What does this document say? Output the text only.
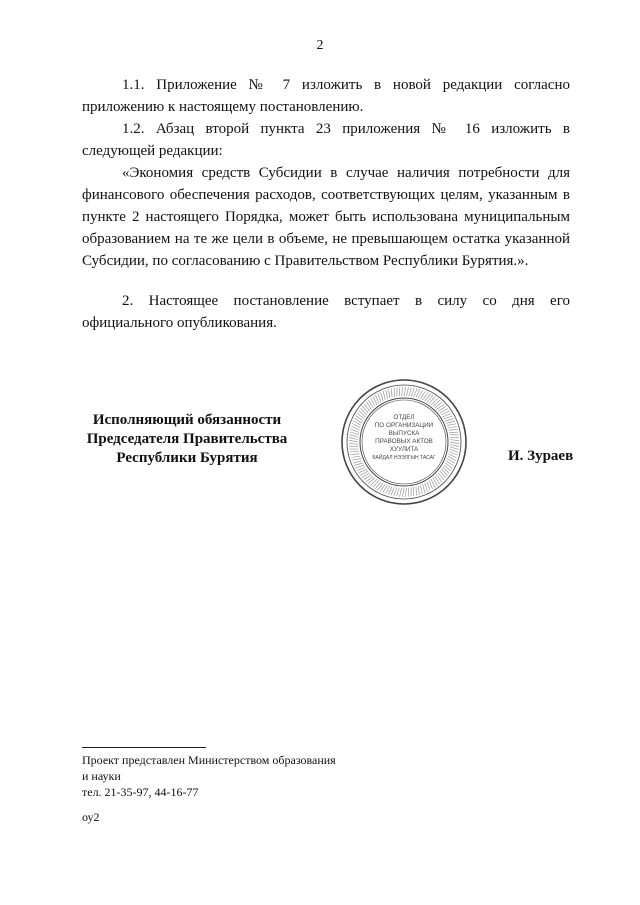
2

1.1. Приложение № 7 изложить в новой редакции согласно приложению к настоящему постановлению.

1.2. Абзац второй пункта 23 приложения № 16 изложить в следующей редакции:

«Экономия средств Субсидии в случае наличия потребности для финансового обеспечения расходов, соответствующих целям, указанным в пункте 2 настоящего Порядка, может быть использована муниципальным образованием на те же цели в объеме, не превышающем остатка указанной Субсидии, по согласованию с Правительством Республики Бурятия.».

2. Настоящее постановление вступает в силу со дня его официального опубликования.

Исполняющий обязанности
Председателя Правительства
Республики Бурятия
ОТДЕЛ
ПО ОРГАНИЗАЦИИ
ВЫПУСКА
ПРАВОВЫХ АКТОВ
ХУУЛИТА
БАЙДАЛ НЭЭЛГЫН ТАСАГ	И. Зураев
Проект представлен Министерством образования
и науки
тел. 21-35-97, 44-16-77
оу2
